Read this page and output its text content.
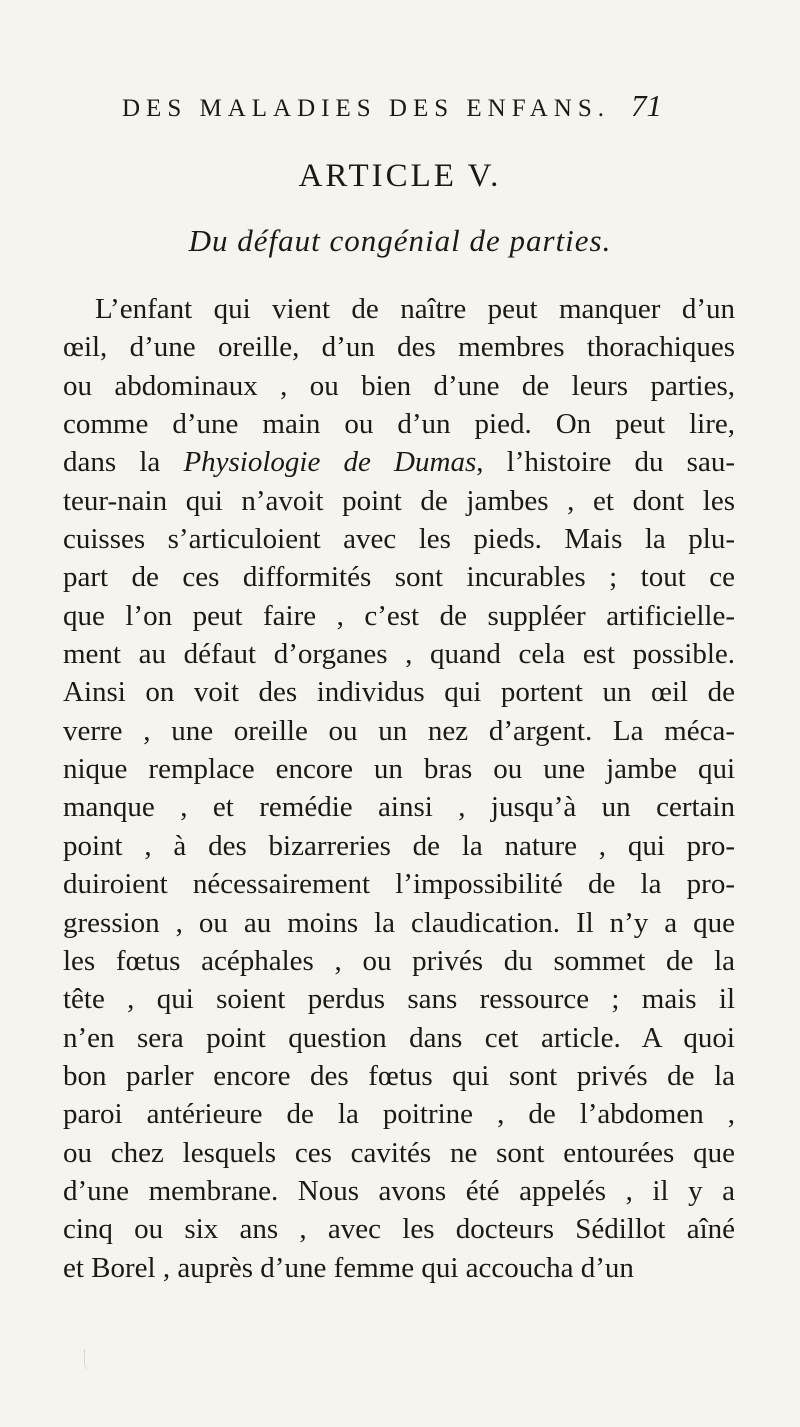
DES MALADIES DES ENFANS. 71
ARTICLE V.
Du défaut congénial de parties.
L’enfant qui vient de naître peut manquer d’un
œil, d’une oreille, d’un des membres thorachiques
ou abdominaux , ou bien d’une de leurs parties,
comme d’une main ou d’un pied. On peut lire,
dans la Physiologie de Dumas, l’histoire du sau-
teur-nain qui n’avoit point de jambes , et dont les
cuisses s’articuloient avec les pieds. Mais la plu-
part de ces difformités sont incurables ; tout ce
que l’on peut faire , c’est de suppléer artificielle-
ment au défaut d’organes , quand cela est possible.
Ainsi on voit des individus qui portent un œil de
verre , une oreille ou un nez d’argent. La méca-
nique remplace encore un bras ou une jambe qui
manque , et remédie ainsi , jusqu’à un certain
point , à des bizarreries de la nature , qui pro-
duiroient nécessairement l’impossibilité de la pro-
gression , ou au moins la claudication. Il n’y a que
les fœtus acéphales , ou privés du sommet de la
tête , qui soient perdus sans ressource ; mais il
n’en sera point question dans cet article. A quoi
bon parler encore des fœtus qui sont privés de la
paroi antérieure de la poitrine , de l’abdomen ,
ou chez lesquels ces cavités ne sont entourées que
d’une membrane. Nous avons été appelés , il y a
cinq ou six ans , avec les docteurs Sédillot aîné
et Borel , auprès d’une femme qui accoucha d’un
